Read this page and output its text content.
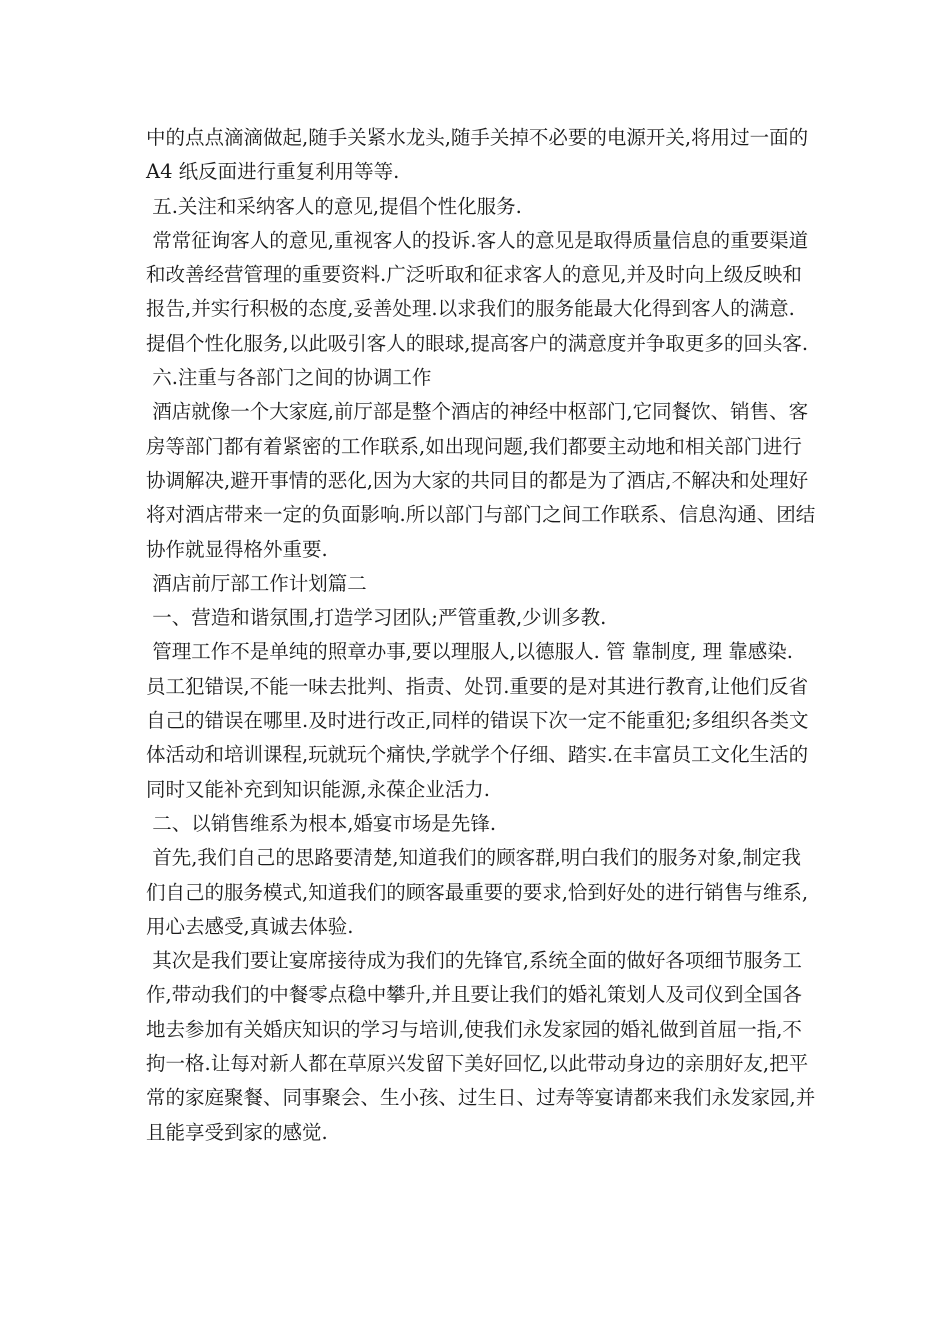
中的点点滴滴做起,随手关紧水龙头,随手关掉不必要的电源开关,将用过一面的
A4 纸反面进行重复利用等等.
五.关注和采纳客人的意见,提倡个性化服务.
常常征询客人的意见,重视客人的投诉.客人的意见是取得质量信息的重要渠道
和改善经营管理的重要资料.广泛听取和征求客人的意见,并及时向上级反映和
报告,并实行积极的态度,妥善处理.以求我们的服务能最大化得到客人的满意.
提倡个性化服务,以此吸引客人的眼球,提高客户的满意度并争取更多的回头客.
六.注重与各部门之间的协调工作
酒店就像一个大家庭,前厅部是整个酒店的神经中枢部门,它同餐饮、销售、客
房等部门都有着紧密的工作联系,如出现问题,我们都要主动地和相关部门进行
协调解决,避开事情的恶化,因为大家的共同目的都是为了酒店,不解决和处理好
将对酒店带来一定的负面影响.所以部门与部门之间工作联系、信息沟通、团结
协作就显得格外重要.
酒店前厅部工作计划篇二
一、营造和谐氛围,打造学习团队;严管重教,少训多教.
管理工作不是单纯的照章办事,要以理服人,以德服人. 管 靠制度, 理 靠感染.
员工犯错误,不能一味去批判、指责、处罚.重要的是对其进行教育,让他们反省
自己的错误在哪里.及时进行改正,同样的错误下次一定不能重犯;多组织各类文
体活动和培训课程,玩就玩个痛快,学就学个仔细、踏实.在丰富员工文化生活的
同时又能补充到知识能源,永葆企业活力.
二、以销售维系为根本,婚宴市场是先锋.
首先,我们自己的思路要清楚,知道我们的顾客群,明白我们的服务对象,制定我
们自己的服务模式,知道我们的顾客最重要的要求,恰到好处的进行销售与维系,
用心去感受,真诚去体验.
其次是我们要让宴席接待成为我们的先锋官,系统全面的做好各项细节服务工
作,带动我们的中餐零点稳中攀升,并且要让我们的婚礼策划人及司仪到全国各
地去参加有关婚庆知识的学习与培训,使我们永发家园的婚礼做到首屈一指,不
拘一格.让每对新人都在草原兴发留下美好回忆,以此带动身边的亲朋好友,把平
常的家庭聚餐、同事聚会、生小孩、过生日、过寿等宴请都来我们永发家园,并
且能享受到家的感觉.
